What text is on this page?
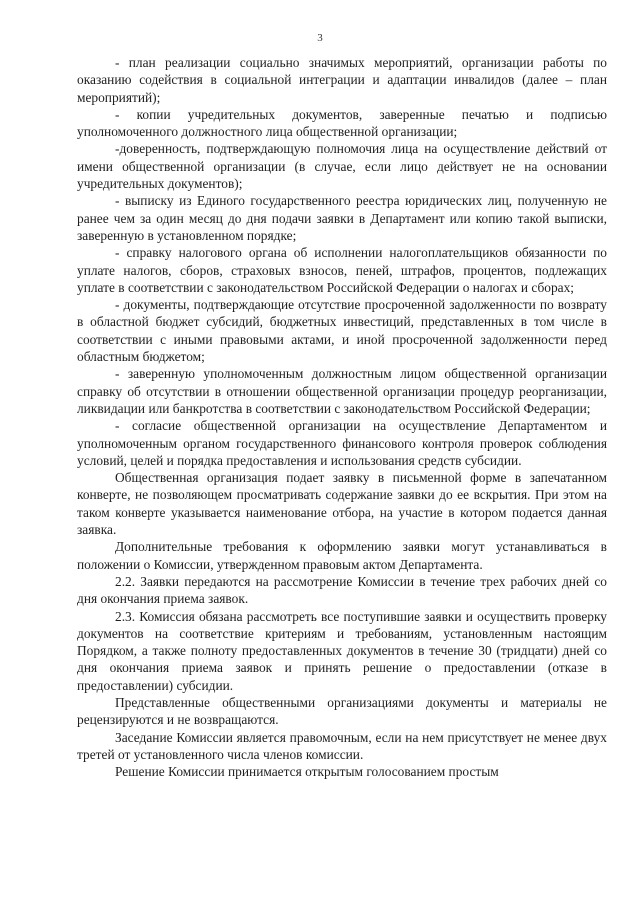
3

- план реализации социально значимых мероприятий, организации работы по оказанию содействия в социальной интеграции и адаптации инвалидов (далее – план мероприятий);

- копии учредительных документов, заверенные печатью и подписью уполномоченного должностного лица общественной организации;

-доверенность, подтверждающую полномочия лица на осуществление действий от имени общественной организации (в случае, если лицо действует не на основании учредительных документов);

- выписку из Единого государственного реестра юридических лиц, полученную не ранее чем за один месяц до дня подачи заявки в Департамент или копию такой выписки, заверенную в установленном порядке;

- справку налогового органа об исполнении налогоплательщиков обязанности по уплате налогов, сборов, страховых взносов, пеней, штрафов, процентов, подлежащих уплате в соответствии с законодательством Российской Федерации о налогах и сборах;

- документы, подтверждающие отсутствие просроченной задолженности по возврату в областной бюджет субсидий, бюджетных инвестиций, представленных в том числе в соответствии с иными правовыми актами, и иной просроченной задолженности перед областным бюджетом;

- заверенную уполномоченным должностным лицом общественной организации справку об отсутствии в отношении общественной организации процедур реорганизации, ликвидации или банкротства в соответствии с законодательством Российской Федерации;

- согласие общественной организации на осуществление Департаментом и уполномоченным органом государственного финансового контроля проверок соблюдения условий, целей и порядка предоставления и использования средств субсидии.

Общественная организация подает заявку в письменной форме в запечатанном конверте, не позволяющем просматривать содержание заявки до ее вскрытия. При этом на таком конверте указывается наименование отбора, на участие в котором подается данная заявка.

Дополнительные требования к оформлению заявки могут устанавливаться в положении о Комиссии, утвержденном правовым актом Департамента.

2.2. Заявки передаются на рассмотрение Комиссии в течение трех рабочих дней со дня окончания приема заявок.

2.3. Комиссия обязана рассмотреть все поступившие заявки и осуществить проверку документов на соответствие критериям и требованиям, установленным настоящим Порядком, а также полноту предоставленных документов в течение 30 (тридцати) дней со дня окончания приема заявок и принять решение о предоставлении (отказе в предоставлении) субсидии.

Представленные общественными организациями документы и материалы не рецензируются и не возвращаются.

Заседание Комиссии является правомочным, если на нем присутствует не менее двух третей от установленного числа членов комиссии.

Решение Комиссии принимается открытым голосованием простым
